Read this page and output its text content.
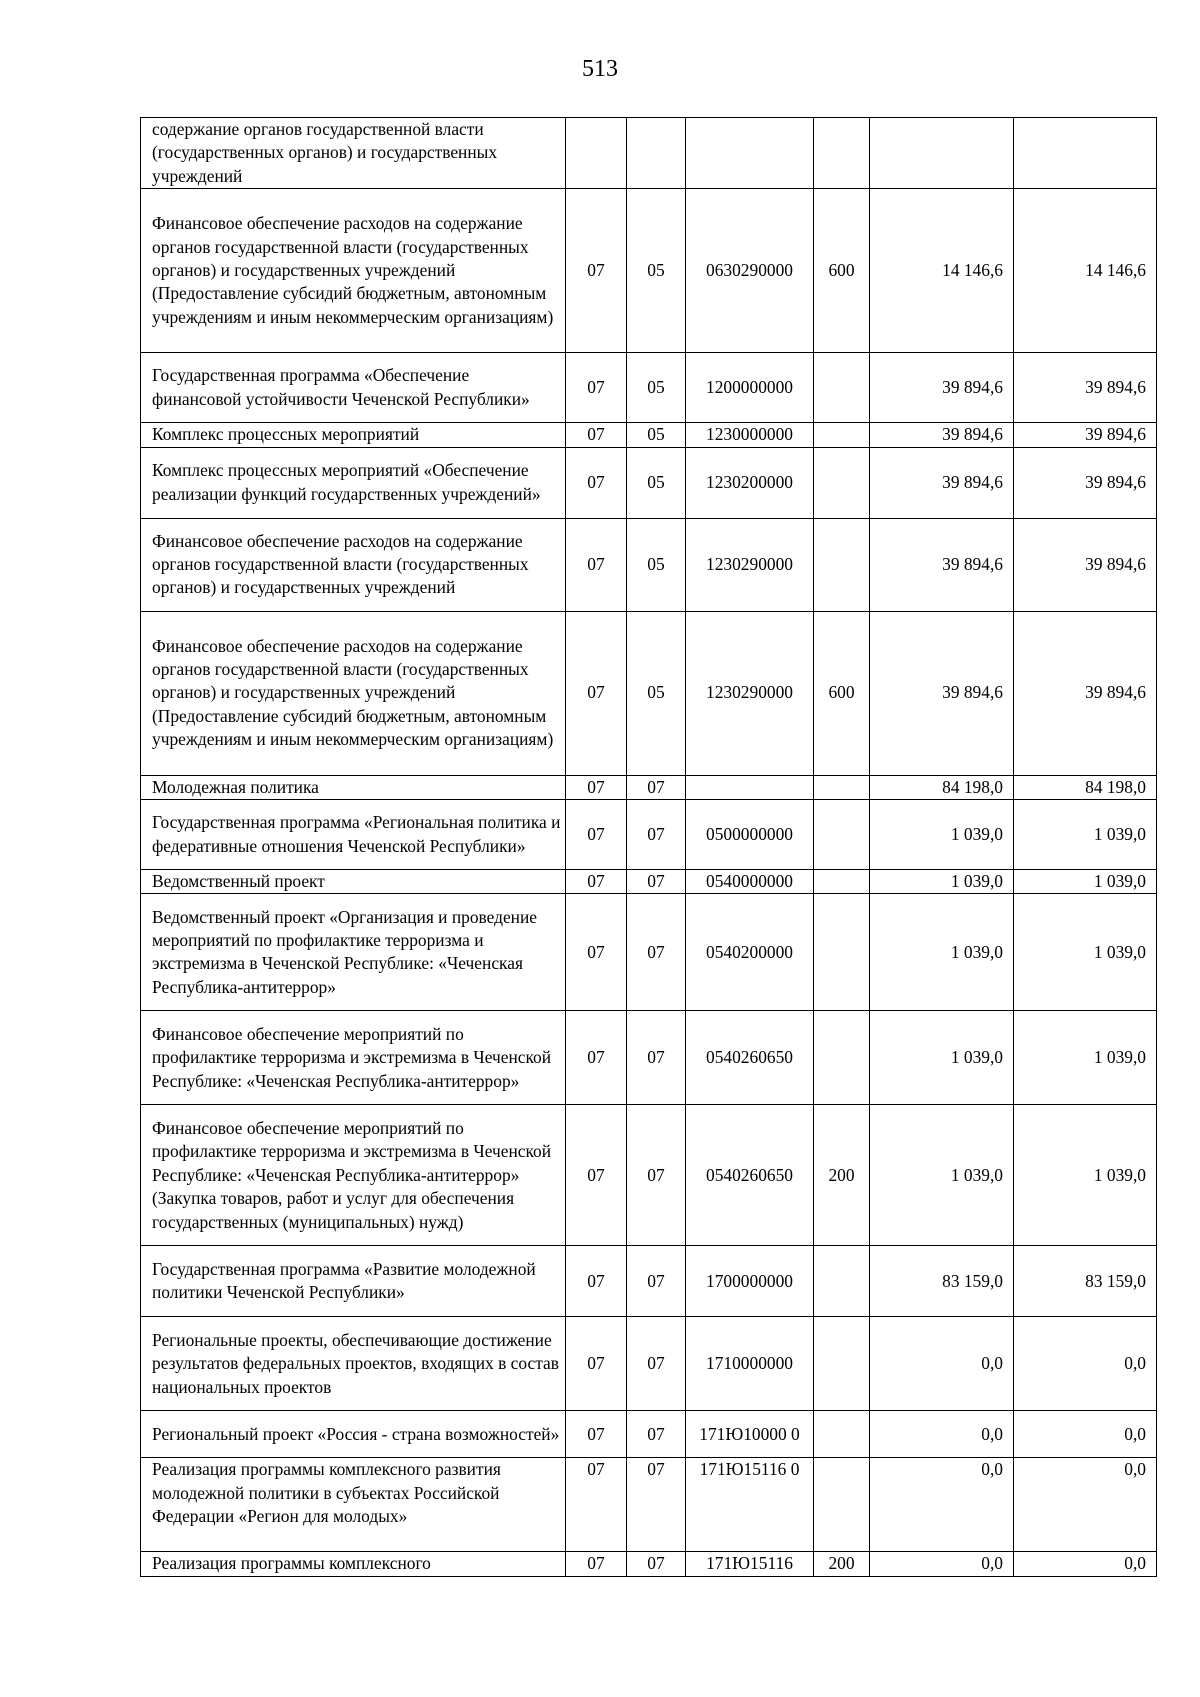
513
содержание органов государственной власти (государственных органов) и государственных учреждений						
Финансовое обеспечение расходов на содержание органов государственной власти (государственных органов) и государственных учреждений (Предоставление субсидий бюджетным, автономным учреждениям и иным некоммерческим организациям)	07	05	0630290000	600	14 146,6	14 146,6
Государственная программа «Обеспечение финансовой устойчивости Чеченской Республики»	07	05	1200000000		39 894,6	39 894,6
Комплекс процессных мероприятий	07	05	1230000000		39 894,6	39 894,6
Комплекс процессных мероприятий «Обеспечение реализации функций государственных учреждений»	07	05	1230200000		39 894,6	39 894,6
Финансовое обеспечение расходов на содержание органов государственной власти (государственных органов) и государственных учреждений	07	05	1230290000		39 894,6	39 894,6
Финансовое обеспечение расходов на содержание органов государственной власти (государственных органов) и государственных учреждений (Предоставление субсидий бюджетным, автономным учреждениям и иным некоммерческим организациям)	07	05	1230290000	600	39 894,6	39 894,6
Молодежная политика	07	07			84 198,0	84 198,0
Государственная программа «Региональная политика и федеративные отношения Чеченской Республики»	07	07	0500000000		1 039,0	1 039,0
Ведомственный проект	07	07	0540000000		1 039,0	1 039,0
Ведомственный проект «Организация и проведение мероприятий по профилактике терроризма и экстремизма в Чеченской Республике: «Чеченская Республика-антитеррор»	07	07	0540200000		1 039,0	1 039,0
Финансовое обеспечение мероприятий по профилактике терроризма и экстремизма в Чеченской Республике: «Чеченская Республика-антитеррор»	07	07	0540260650		1 039,0	1 039,0
Финансовое обеспечение мероприятий по профилактике терроризма и экстремизма в Чеченской Республике: «Чеченская Республика-антитеррор» (Закупка товаров, работ и услуг для обеспечения государственных (муниципальных) нужд)	07	07	0540260650	200	1 039,0	1 039,0
Государственная программа «Развитие молодежной политики Чеченской Республики»	07	07	1700000000		83 159,0	83 159,0
Региональные проекты, обеспечивающие достижение результатов федеральных проектов, входящих в состав национальных проектов	07	07	1710000000		0,0	0,0
Региональный проект «Россия - страна возможностей»	07	07	171Ю10000 0		0,0	0,0
Реализация программы комплексного развития молодежной политики в субъектах Российской Федерации «Регион для молодых»	07	07	171Ю15116 0		0,0	0,0
Реализация программы комплексного	07	07	171Ю15116	200	0,0	0,0
